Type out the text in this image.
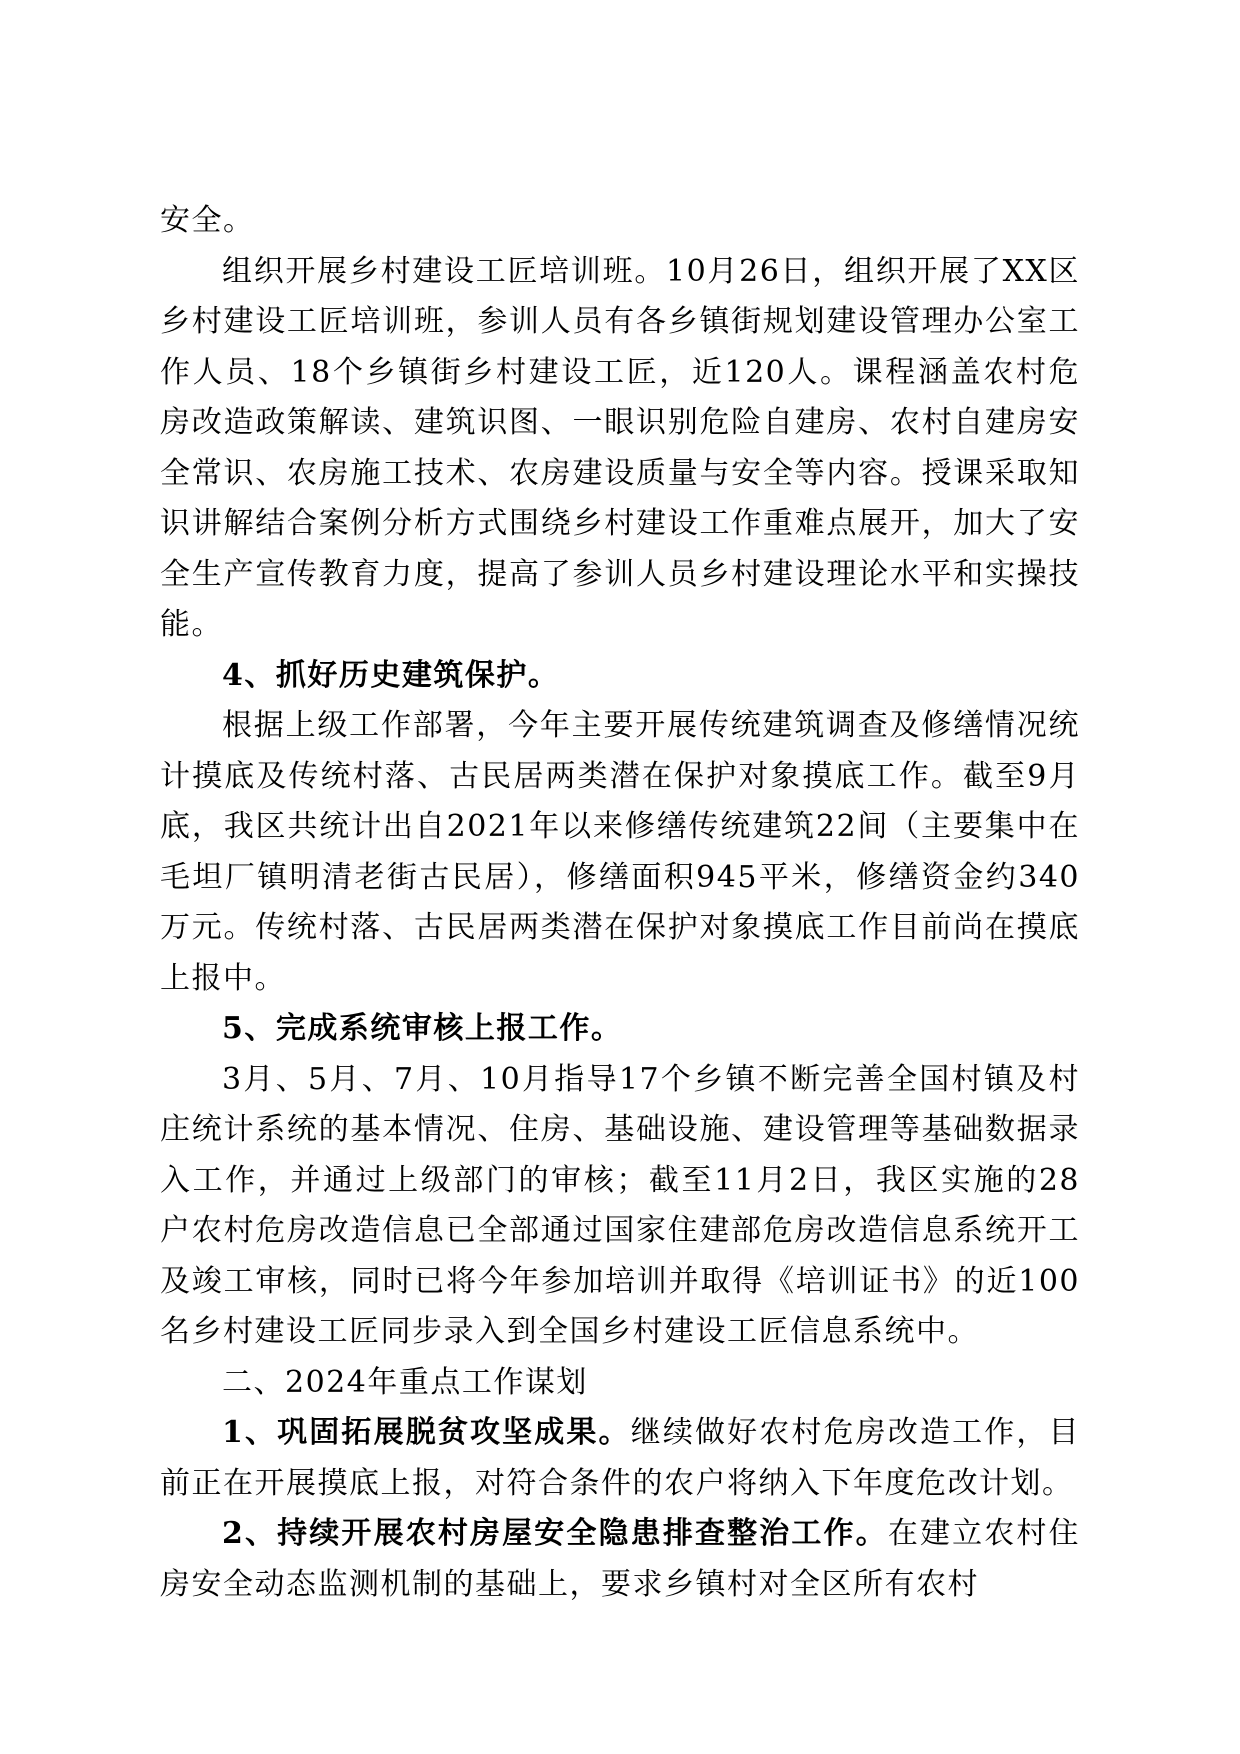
安全。

组织开展乡村建设工匠培训班。10月26日，组织开展了XX区乡村建设工匠培训班，参训人员有各乡镇街规划建设管理办公室工作人员、18个乡镇街乡村建设工匠，近120人。课程涵盖农村危房改造政策解读、建筑识图、一眼识别危险自建房、农村自建房安全常识、农房施工技术、农房建设质量与安全等内容。授课采取知识讲解结合案例分析方式围绕乡村建设工作重难点展开，加大了安全生产宣传教育力度，提高了参训人员乡村建设理论水平和实操技能。

4、抓好历史建筑保护。

根据上级工作部署，今年主要开展传统建筑调查及修缮情况统计摸底及传统村落、古民居两类潜在保护对象摸底工作。截至9月底，我区共统计出自2021年以来修缮传统建筑22间（主要集中在毛坦厂镇明清老街古民居），修缮面积945平米，修缮资金约340万元。传统村落、古民居两类潜在保护对象摸底工作目前尚在摸底上报中。

5、完成系统审核上报工作。

3月、5月、7月、10月指导17个乡镇不断完善全国村镇及村庄统计系统的基本情况、住房、基础设施、建设管理等基础数据录入工作，并通过上级部门的审核；截至11月2日，我区实施的28户农村危房改造信息已全部通过国家住建部危房改造信息系统开工及竣工审核，同时已将今年参加培训并取得《培训证书》的近100名乡村建设工匠同步录入到全国乡村建设工匠信息系统中。

二、2024年重点工作谋划

1、巩固拓展脱贫攻坚成果。继续做好农村危房改造工作，目前正在开展摸底上报，对符合条件的农户将纳入下年度危改计划。

2、持续开展农村房屋安全隐患排查整治工作。在建立农村住房安全动态监测机制的基础上，要求乡镇村对全区所有农村
